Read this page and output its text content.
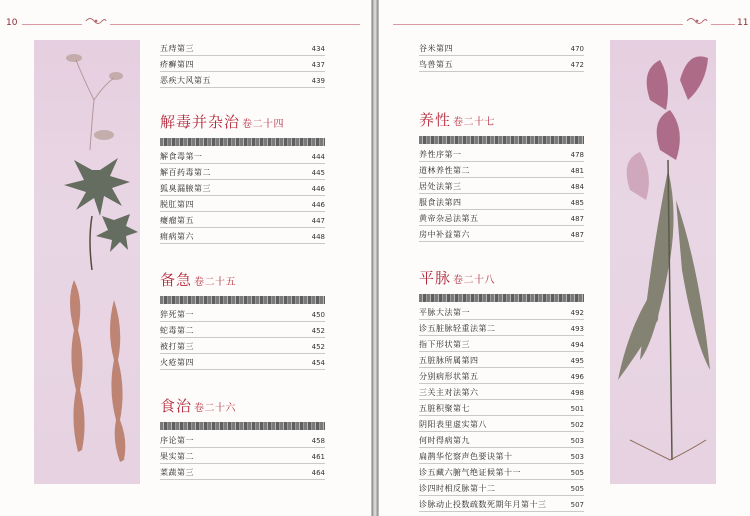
10
五痔第三	434
疥癣第四	437
恶疾大风第五	439
解毒并杂治 卷二十四
解食毒第一	444
解百药毒第二	445
狐臭漏腋第三	446
脱肛第四	446
瘿瘤第五	447
痈病第六	448
备急 卷二十五
猝死第一	450
蛇毒第二	452
被打第三	452
火疮第四	454
食治 卷二十六
序论第一	458
果实第二	461
菜蔬第三	464
11
谷米第四	470
鸟兽第五	472
养性 卷二十七
养性序第一	478
道林养性第二	481
居处法第三	484
服食法第四	485
黄帝杂忌法第五	487
房中补益第六	487
平脉 卷二十八
平脉大法第一	492
诊五脏脉轻重法第二	493
指下形状第三	494
五脏脉所属第四	495
分别病形状第五	496
三关主对法第六	498
五脏积聚第七	501
阴阳表里虚实第八	502
何时得病第九	503
扁鹊华佗察声色要诀第十	503
诊五藏六腑气绝证候第十一	505
诊四时相反脉第十二	505
诊脉动止投数疏数死期年月第十三	507
